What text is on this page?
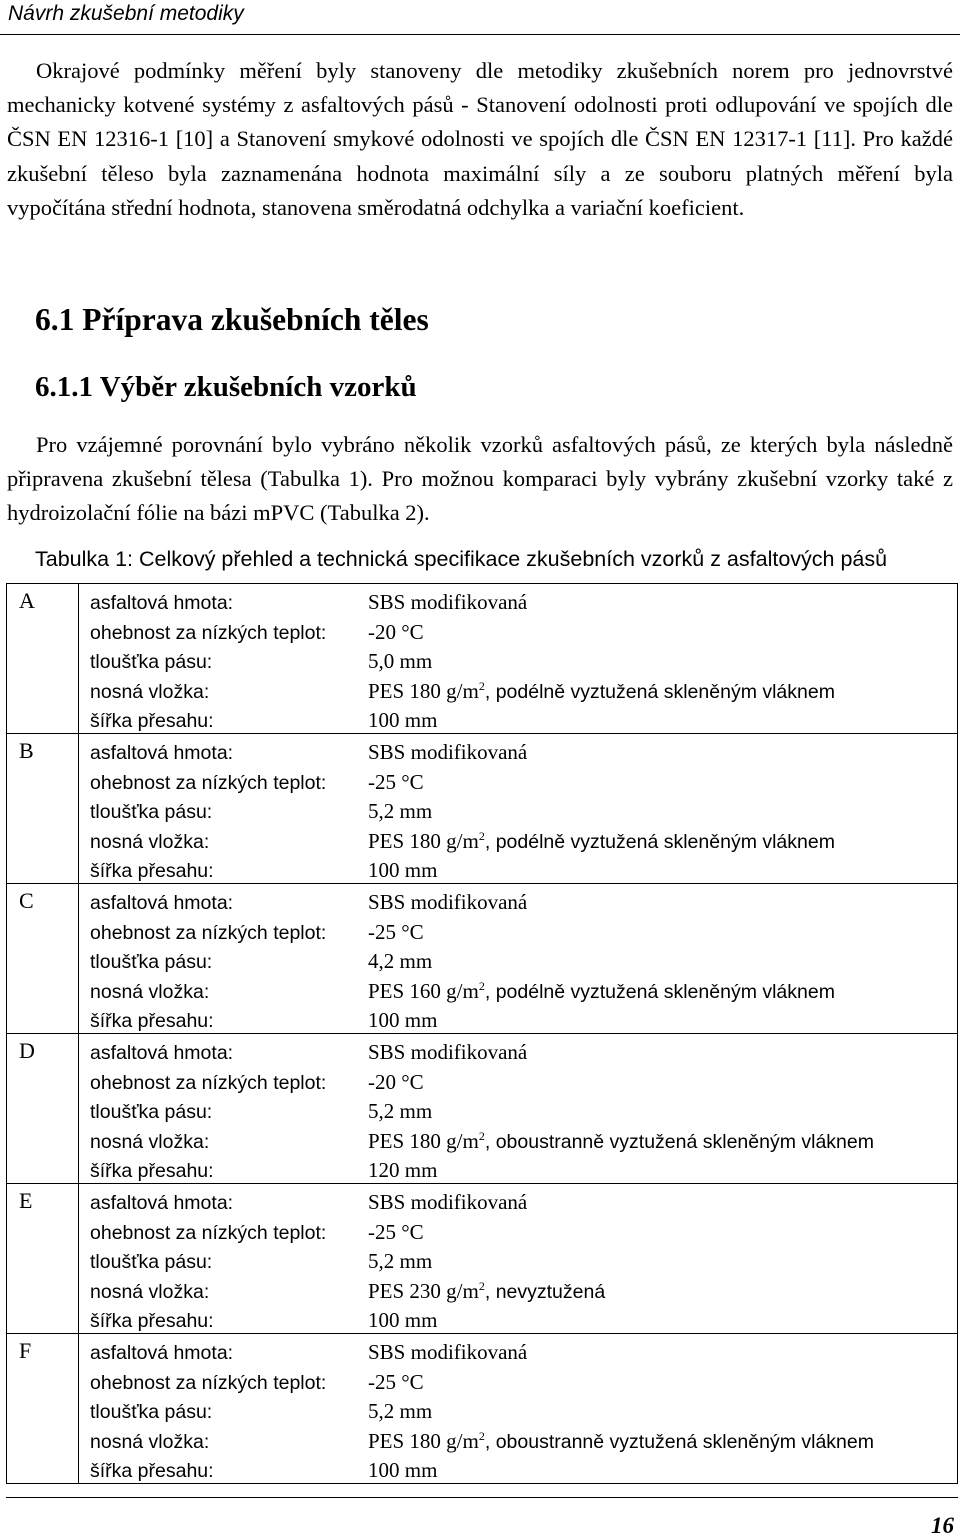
Návrh zkušební metodiky

Okrajové podmínky měření byly stanoveny dle metodiky zkušebních norem pro jednovrstvé mechanicky kotvené systémy z asfaltových pásů - Stanovení odolnosti proti odlupování ve spojích dle ČSN EN 12316-1 [10] a Stanovení smykové odolnosti ve spojích dle ČSN EN 12317-1 [11]. Pro každé zkušební těleso byla zaznamenána hodnota maximální síly a ze souboru platných měření byla vypočítána střední hodnota, stanovena směrodatná odchylka a variační koeficient.

6.1 Příprava zkušebních těles
6.1.1 Výběr zkušebních vzorků

Pro vzájemné porovnání bylo vybráno několik vzorků asfaltových pásů, ze kterých byla následně připravena zkušební tělesa (Tabulka 1). Pro možnou komparaci byly vybrány zkušební vzorky také z hydroizolační fólie na bázi mPVC (Tabulka 2).

Tabulka 1: Celkový přehled a technická specifikace zkušebních vzorků z asfaltových pásů

A	asfaltová hmota: SBS modifikovaná
ohebnost za nízkých teplot: -20 °C
tloušťka pásu: 5,0 mm
nosná vložka: PES 180 $g/m^2$, podélně vyztužená skleněným vláknem
šířka přesahu: 100 mm

B	asfaltová hmota: SBS modifikovaná
ohebnost za nízkých teplot: -25 °C
tloušťka pásu: 5,2 mm
nosná vložka: PES 180 $g/m^2$, podélně vyztužená skleněným vláknem
šířka přesahu: 100 mm

C	asfaltová hmota: SBS modifikovaná
ohebnost za nízkých teplot: -25 °C
tloušťka pásu: 4,2 mm
nosná vložka: PES 160 $g/m^2$, podélně vyztužená skleněným vláknem
šířka přesahu: 100 mm

D	asfaltová hmota: SBS modifikovaná
ohebnost za nízkých teplot: -20 °C
tloušťka pásu: 5,2 mm
nosná vložka: PES 180 $g/m^2$, oboustranně vyztužená skleněným vláknem
šířka přesahu: 120 mm

E	asfaltová hmota: SBS modifikovaná
ohebnost za nízkých teplot: -25 °C
tloušťka pásu: 5,2 mm
nosná vložka: PES 230 $g/m^2$, nevyztužená
šířka přesahu: 100 mm

F	asfaltová hmota: SBS modifikovaná
ohebnost za nízkých teplot: -25 °C
tloušťka pásu: 5,2 mm
nosná vložka: PES 180 $g/m^2$, oboustranně vyztužená skleněným vláknem
šířka přesahu: 100 mm
16
